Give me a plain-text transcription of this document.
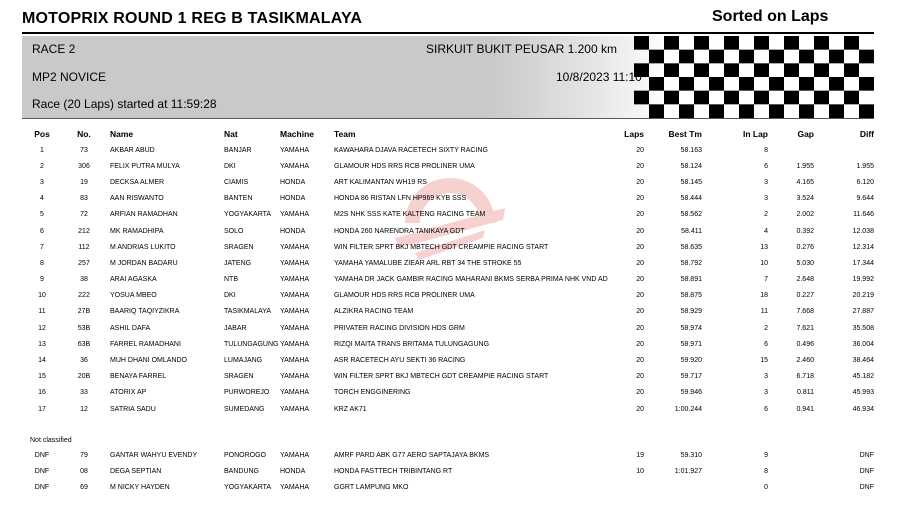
MOTOPRIX ROUND 1 REG B TASIKMALAYA	Sorted on Laps
RACE 2	SIRKUIT BUKIT PEUSAR 1.200 km
MP2 NOVICE	10/8/2023 11:10
Race (20 Laps) started at 11:59:28
Pos	No.	Name	Nat	Machine	Team	Laps	Best Tm	In Lap	Gap	Diff
1	73	AKBAR ABUD	BANJAR	YAMAHA	KAWAHARA DJAVA RACETECH SIXTY RACING	20	58.163	8		
2	306	FELIX PUTRA MULYA	DKI	YAMAHA	GLAMOUR HDS RRS RCB PROLINER UMA	20	58.124	6	1.955	1.955
3	19	DECKSA ALMER	CIAMIS	HONDA	ART KALIMANTAN WH19 RS	20	58.145	3	4.165	6.120
4	83	AAN RISWANTO	BANTEN	HONDA	HONDA 86 RISTAN LFN HP969 KYB SSS	20	58.444	3	3.524	9.644
5	72	ARFIAN RAMADHAN	YOGYAKARTA	YAMAHA	M2S NHK SSS KATE KALTENG RACING TEAM	20	58.562	2	2.002	11.646
6	212	MK RAMADHIPA	SOLO	HONDA	HONDA 260 NARENDRA TANIKAYA GDT	20	58.411	4	0.392	12.038
7	112	M ANDRIAS LUKITO	SRAGEN	YAMAHA	WIN FILTER SPRT BKJ MBTECH GDT CREAMPIE RACING START	20	58.635	13	0.276	12.314
8	257	M JORDAN BADARU	JATENG	YAMAHA	YAMAHA YAMALUBE ZIEAR ARL RBT 34 THE STROKE 55	20	58.792	10	5.030	17.344
9	38	ARAI AGASKA	NTB	YAMAHA	YAMAHA DR JACK GAMBIR RACING MAHARANI BKMS SERBA PRIMA NHK VND AD	20	58.891	7	2.648	19.992
10	222	YOSUA MBEO	DKI	YAMAHA	GLAMOUR HDS RRS RCB PROLINER UMA	20	58.875	18	0.227	20.219
11	27B	BAARIQ TAQIYZIKRA	TASIKMALAYA	YAMAHA	ALZIKRA RACING TEAM	20	58.929	11	7.668	27.887
12	53B	ASHIL DAFA	JABAR	YAMAHA	PRIVATER RACING DIVISION HDS GRM	20	58.974	2	7.621	35.508
13	63B	FARREL RAMADHANI	TULUNGAGUNG	YAMAHA	RIZQI MAITA TRANS BRITAMA TULUNGAGUNG	20	58.971	6	0.496	36.004
14	36	MUH DHANI OMLANDO	LUMAJANG	YAMAHA	ASR RACETECH AYU SEKTI 36 RACING	20	59.920	15	2.460	38.464
15	20B	BENAYA FARREL	SRAGEN	YAMAHA	WIN FILTER SPRT BKJ MBTECH GDT CREAMPIE RACING START	20	59.717	3	6.718	45.182
16	33	ATORIX AP	PURWOREJO	YAMAHA	TORCH ENGGINERING	20	59.946	3	0.811	45.993
17	12	SATRIA SADU	SUMEDANG	YAMAHA	KRZ AK71	20	1:00.244	6	0.941	46.934

Not classified										
DNF	79	GANTAR WAHYU EVENDY	PONOROGO	YAMAHA	AMRF PARD ABK G77 AERO SAPTAJAYA BKMS	19	59.310	9		DNF
DNF	08	DEGA SEPTIAN	BANDUNG	HONDA	HONDA FASTTECH TRIBINTANG RT	10	1:01.927	8		DNF
DNF	69	M NICKY HAYDEN	YOGYAKARTA	YAMAHA	GGRT LAMPUNG MKO			0		DNF
